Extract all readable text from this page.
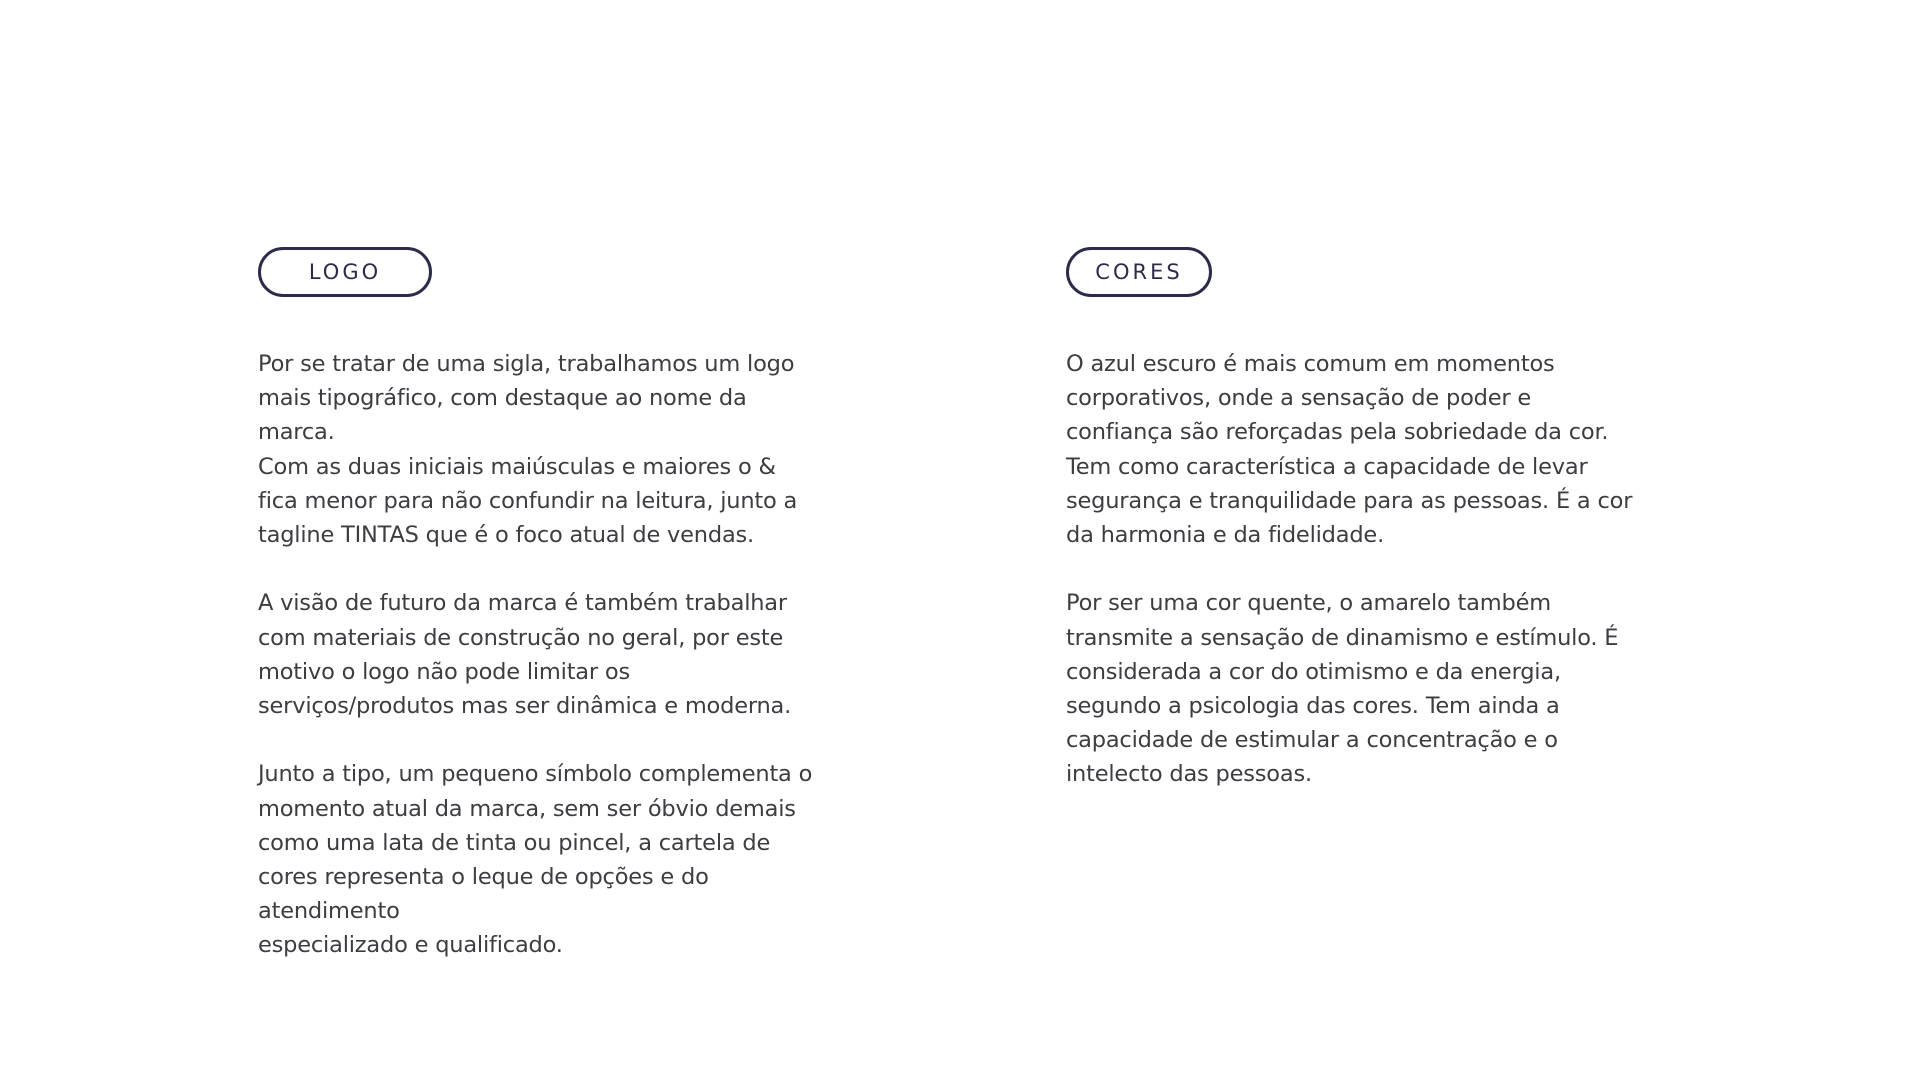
LOGO

Por se tratar de uma sigla, trabalhamos um logo
mais tipográfico, com destaque ao nome da
marca.
Com as duas iniciais maiúsculas e maiores o &
fica menor para não confundir na leitura, junto a
tagline TINTAS que é o foco atual de vendas.

A visão de futuro da marca é também trabalhar
com materiais de construção no geral, por este
motivo o logo não pode limitar os
serviços/produtos mas ser dinâmica e moderna.

Junto a tipo, um pequeno símbolo complementa o
momento atual da marca, sem ser óbvio demais
como uma lata de tinta ou pincel, a cartela de
cores representa o leque de opções e do
atendimento
especializado e qualificado.

CORES

O azul escuro é mais comum em momentos
corporativos, onde a sensação de poder e
confiança são reforçadas pela sobriedade da cor.
Tem como característica a capacidade de levar
segurança e tranquilidade para as pessoas. É a cor
da harmonia e da fidelidade.

Por ser uma cor quente, o amarelo também
transmite a sensação de dinamismo e estímulo. É
considerada a cor do otimismo e da energia,
segundo a psicologia das cores. Tem ainda a
capacidade de estimular a concentração e o
intelecto das pessoas.
